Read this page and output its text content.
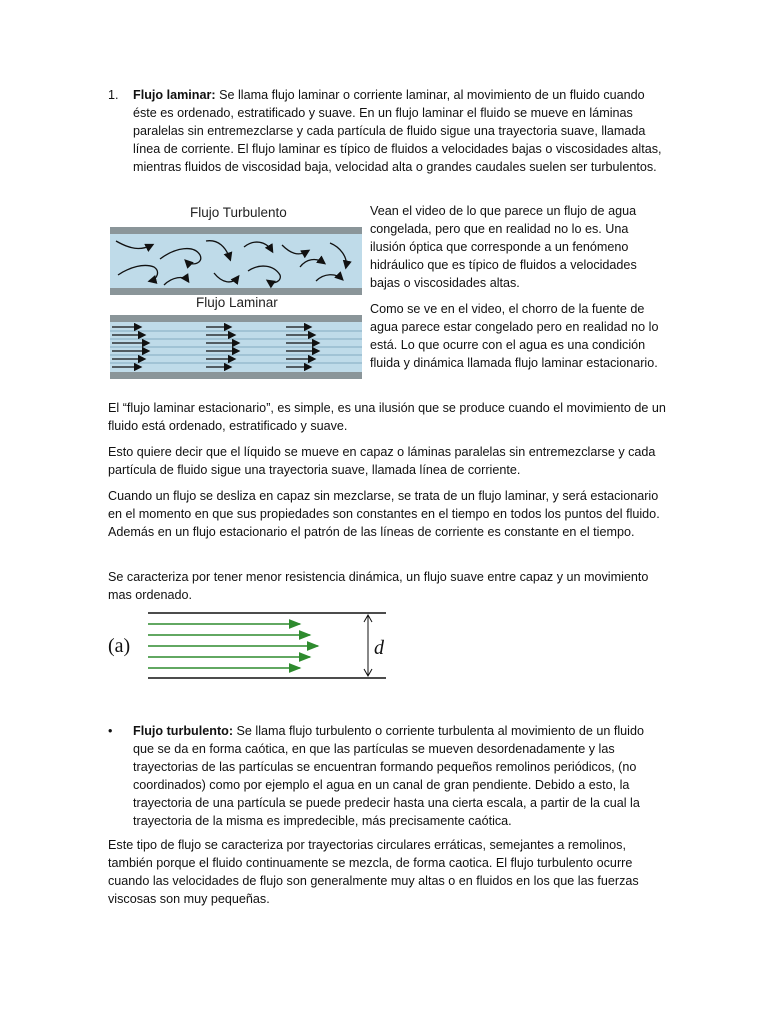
1.	Flujo laminar: Se llama flujo laminar o corriente laminar, al movimiento de un fluido cuando éste es ordenado, estratificado y suave. En un flujo laminar el fluido se mueve en láminas paralelas sin entremezclarse y cada partícula de fluido sigue una trayectoria suave, llamada línea de corriente. El flujo laminar es típico de fluidos a velocidades bajas o viscosidades altas, mientras fluidos de viscosidad baja, velocidad alta o grandes caudales suelen ser turbulentos.

Flujo Turbulento
Flujo Laminar

Vean el video de lo que parece un flujo de agua congelada, pero que en realidad no lo es. Una ilusión óptica que corresponde a un fenómeno hidráulico que es típico de fluidos a velocidades bajas o viscosidades altas.

Como se ve en el video, el chorro de la fuente de agua parece estar congelado pero en realidad no lo está. Lo que ocurre con el agua es una condición fluida y dinámica llamada flujo laminar estacionario.

El “flujo laminar estacionario”, es simple, es una ilusión que se produce cuando el movimiento de un fluido está ordenado, estratificado y suave.

Esto quiere decir que el líquido se mueve en capaz o láminas paralelas sin entremezclarse y cada partícula de fluido sigue una trayectoria suave, llamada línea de corriente.

Cuando un flujo se desliza en capaz sin mezclarse, se trata de un flujo laminar, y será estacionario en el momento en que sus propiedades son constantes en el tiempo en todos los puntos del fluido. Además en un flujo estacionario el patrón de las líneas de corriente es constante en el tiempo.

Se caracteriza por tener menor resistencia dinámica, un flujo suave entre capaz y un movimiento mas ordenado.

(a)	d
•	Flujo turbulento: Se llama flujo turbulento o corriente turbulenta al movimiento de un fluido que se da en forma caótica, en que las partículas se mueven desordenadamente y las trayectorias de las partículas se encuentran formando pequeños remolinos periódicos, (no coordinados) como por ejemplo el agua en un canal de gran pendiente. Debido a esto, la trayectoria de una partícula se puede predecir hasta una cierta escala, a partir de la cual la trayectoria de la misma es impredecible, más precisamente caótica.

Este tipo de flujo se caracteriza por trayectorias circulares erráticas, semejantes a remolinos, también porque el fluido continuamente se mezcla, de forma caotica. El flujo turbulento ocurre cuando las velocidades de flujo son generalmente muy altas o en fluidos en los que las fuerzas viscosas son muy pequeñas.
